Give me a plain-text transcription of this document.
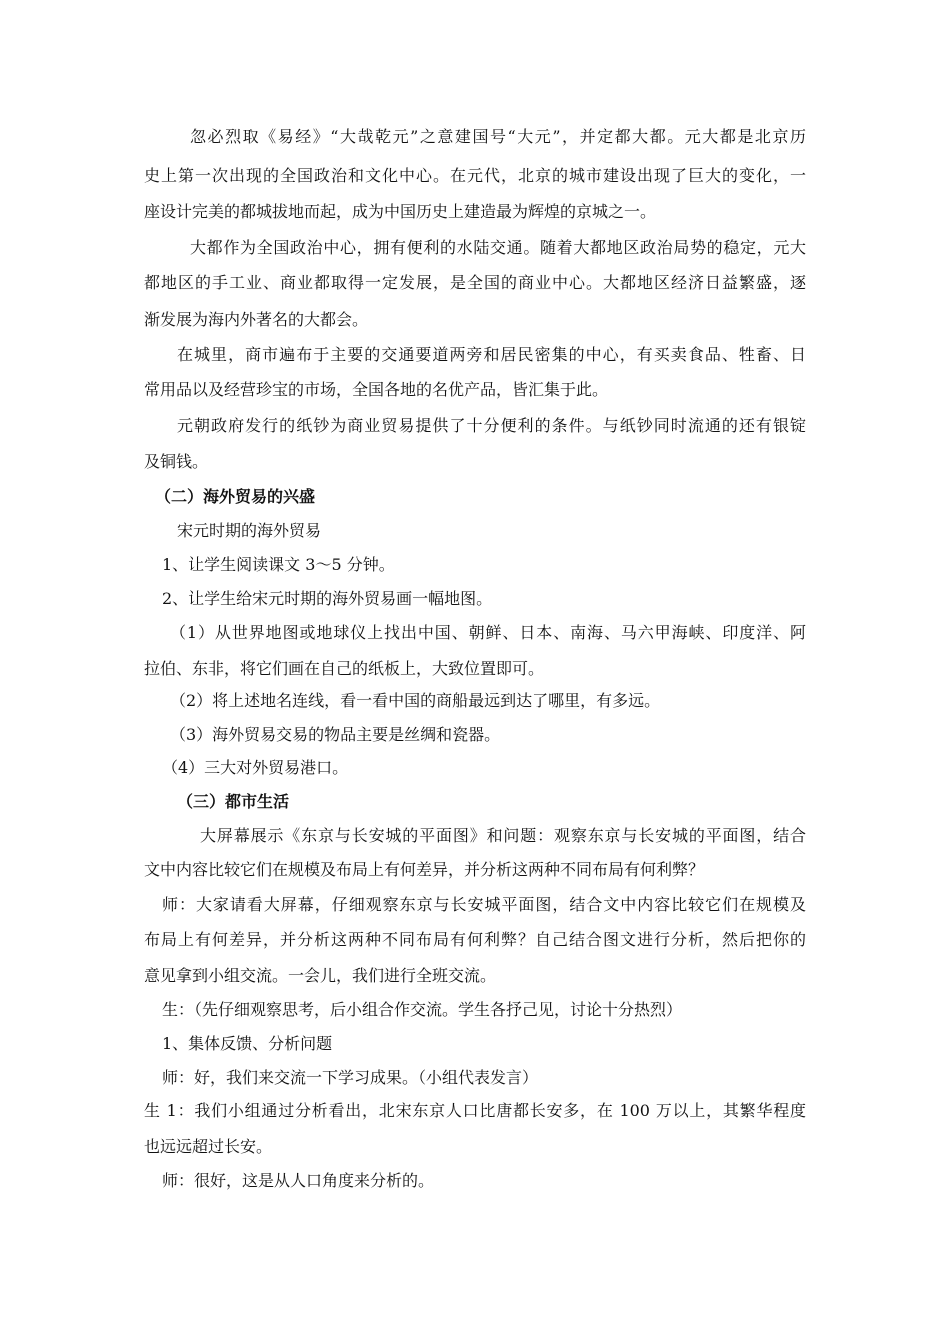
忽必烈取《易经》“大哉乾元”之意建国号“大元”，并定都大都。元大都是北京历
史上第一次出现的全国政治和文化中心。在元代，北京的城市建设出现了巨大的变化，一
座设计完美的都城拔地而起，成为中国历史上建造最为辉煌的京城之一。
大都作为全国政治中心，拥有便利的水陆交通。随着大都地区政治局势的稳定，元大
都地区的手工业、商业都取得一定发展，是全国的商业中心。大都地区经济日益繁盛，逐
渐发展为海内外著名的大都会。
在城里，商市遍布于主要的交通要道两旁和居民密集的中心，有买卖食品、牲畜、日
常用品以及经营珍宝的市场，全国各地的名优产品，皆汇集于此。
元朝政府发行的纸钞为商业贸易提供了十分便利的条件。与纸钞同时流通的还有银锭
及铜钱。
（二）海外贸易的兴盛
宋元时期的海外贸易
1、让学生阅读课文 3～5 分钟。
2、让学生给宋元时期的海外贸易画一幅地图。
（1）从世界地图或地球仪上找出中国、朝鲜、日本、南海、马六甲海峡、印度洋、阿
拉伯、东非，将它们画在自己的纸板上，大致位置即可。
（2）将上述地名连线，看一看中国的商船最远到达了哪里，有多远。
（3）海外贸易交易的物品主要是丝绸和瓷器。
（4）三大对外贸易港口。
（三）都市生活
大屏幕展示《东京与长安城的平面图》和问题：观察东京与长安城的平面图，结合
文中内容比较它们在规模及布局上有何差异，并分析这两种不同布局有何利弊？
师：大家请看大屏幕，仔细观察东京与长安城平面图，结合文中内容比较它们在规模及
布局上有何差异，并分析这两种不同布局有何利弊？自己结合图文进行分析，然后把你的
意见拿到小组交流。一会儿，我们进行全班交流。
生：（先仔细观察思考，后小组合作交流。学生各抒己见，讨论十分热烈）
1、集体反馈、分析问题
师：好，我们来交流一下学习成果。（小组代表发言）
生 1：我们小组通过分析看出，北宋东京人口比唐都长安多，在 100 万以上，其繁华程度
也远远超过长安。
师：很好，这是从人口角度来分析的。
